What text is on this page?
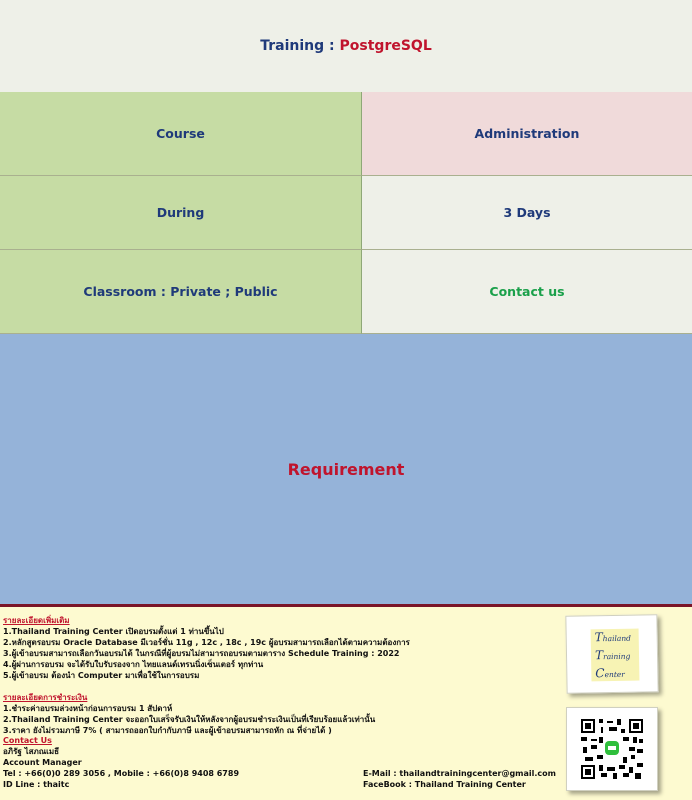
Training :
PostgreSQL
Course	Administration
During	3 Days
Classroom : Private ; Public	Contact us
Requirement
รายละเอียดเพิ่มเติม
1.Thailand Training Center เปิดอบรมตั้งแต่ 1 ท่านขึ้นไป
2.หลักสูตรอบรม Oracle Database มีเวอร์ชั่น 11g , 12c , 18c , 19c ผู้อบรมสามารถเลือกได้ตามความต้องการ
3.ผู้เข้าอบรมสามารถเลือกวันอบรมได้ ในกรณีที่ผู้อบรมไม่สามารถอบรมตามตาราง Schedule Training : 2022
4.ผู้ผ่านการอบรม จะได้รับใบรับรองจาก ไทยแลนด์เทรนนิ่งเซ็นเตอร์ ทุกท่าน
5.ผู้เข้าอบรม ต้องนำ Computer มาเพื่อใช้ในการอบรม
รายละเอียดการชำระเงิน
1.ชำระค่าอบรมล่วงหน้าก่อนการอบรม 1 สัปดาห์
2.Thailand Training Center จะออกใบเสร็จรับเงินให้หลังจากผู้อบรมชำระเงินเป็นที่เรียบร้อยแล้วเท่านั้น
3.ราคา ยังไม่รวมภาษี 7% ( สามารถออกใบกำกับภาษี และผู้เข้าอบรมสามารถหัก ณ ที่จ่ายได้ )
Contact Us
อภิรัฐ ไสภณเมธี
Account Manager
Tel : +66(0)0 289 3056 , Mobile : +66(0)8 9408 6789
ID Line : thaitc
E-Mail : thailandtrainingcenter@gmail.com
FaceBook : Thailand Training Center
Thailand
Training
Center
